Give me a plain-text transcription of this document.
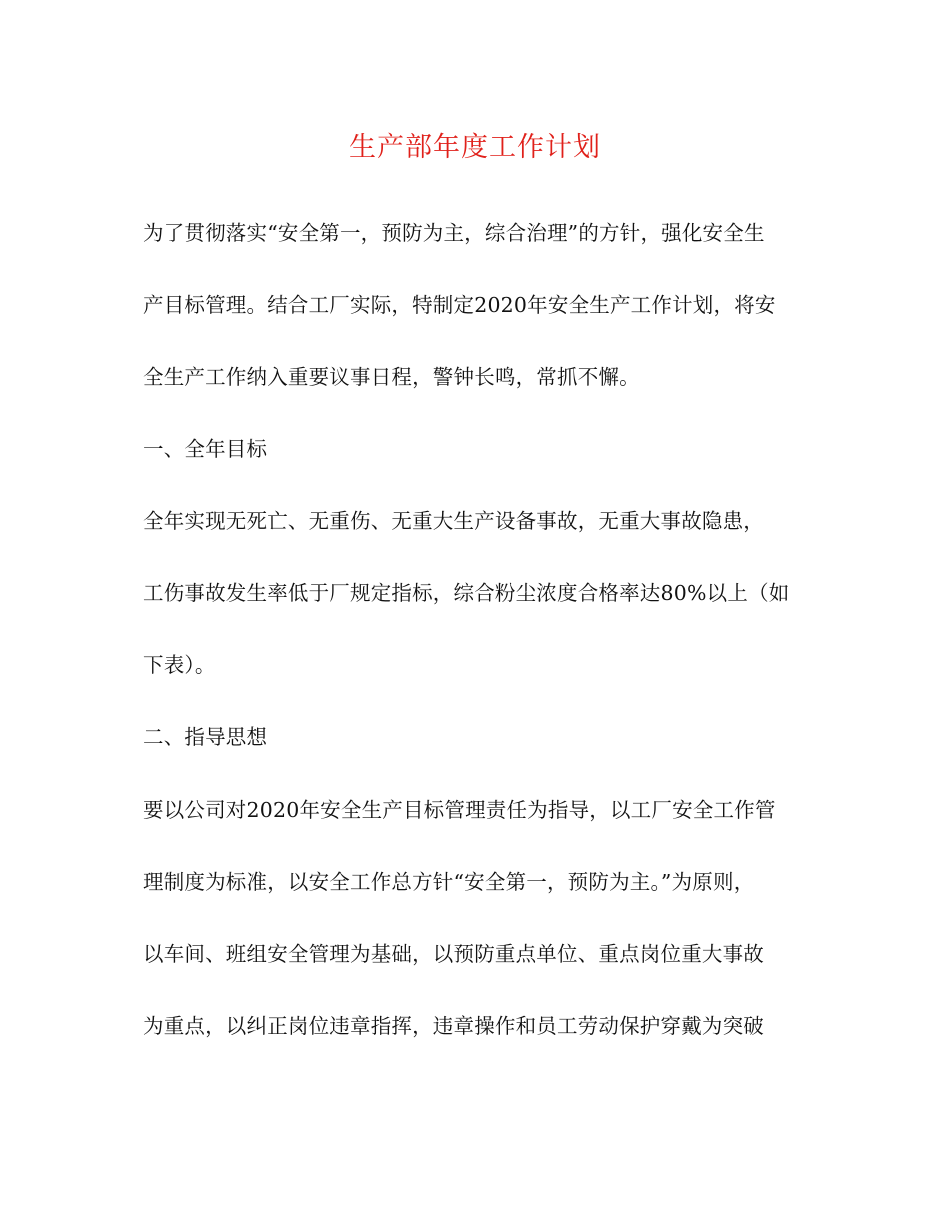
生产部年度工作计划
为了贯彻落实“安全第一，预防为主，综合治理”的方针，强化安全生
产目标管理。结合工厂实际，特制定2020年安全生产工作计划，将安
全生产工作纳入重要议事日程，警钟长鸣，常抓不懈。
一、全年目标
全年实现无死亡、无重伤、无重大生产设备事故，无重大事故隐患，
工伤事故发生率低于厂规定指标，综合粉尘浓度合格率达80%以上（如
下表）。
二、指导思想
要以公司对2020年安全生产目标管理责任为指导，以工厂安全工作管
理制度为标准，以安全工作总方针“安全第一，预防为主。”为原则，
以车间、班组安全管理为基础，以预防重点单位、重点岗位重大事故
为重点，以纠正岗位违章指挥，违章操作和员工劳动保护穿戴为突破
